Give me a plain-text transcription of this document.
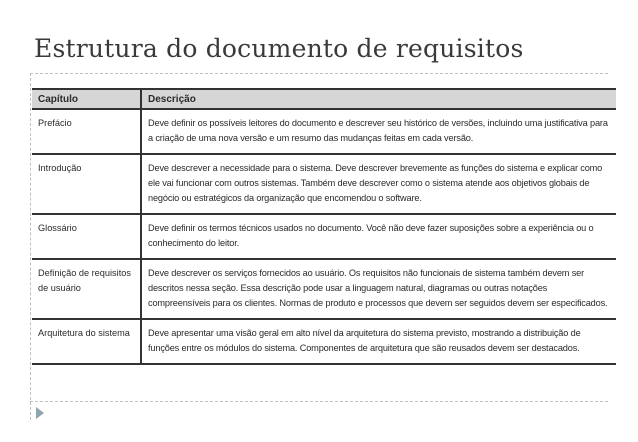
Estrutura do documento de requisitos
Capítulo	Descrição
Prefácio	Deve definir os possíveis leitores do documento e descrever seu histórico de versões, incluindo uma justificativa para a criação de uma nova versão e um resumo das mudanças feitas em cada versão.
Introdução	Deve descrever a necessidade para o sistema. Deve descrever brevemente as funções do sistema e explicar como ele vai funcionar com outros sistemas. Também deve descrever como o sistema atende aos objetivos globais de negócio ou estratégicos da organização que encomendou o software.
Glossário	Deve definir os termos técnicos usados no documento. Você não deve fazer suposições sobre a experiência ou o conhecimento do leitor.
Definição de requisitos de usuário	Deve descrever os serviços fornecidos ao usuário. Os requisitos não funcionais de sistema também devem ser descritos nessa seção. Essa descrição pode usar a linguagem natural, diagramas ou outras notações compreensíveis para os clientes. Normas de produto e processos que devem ser seguidos devem ser especificados.
Arquitetura do sistema	Deve apresentar uma visão geral em alto nível da arquitetura do sistema previsto, mostrando a distribuição de funções entre os módulos do sistema. Componentes de arquitetura que são reusados devem ser destacados.
